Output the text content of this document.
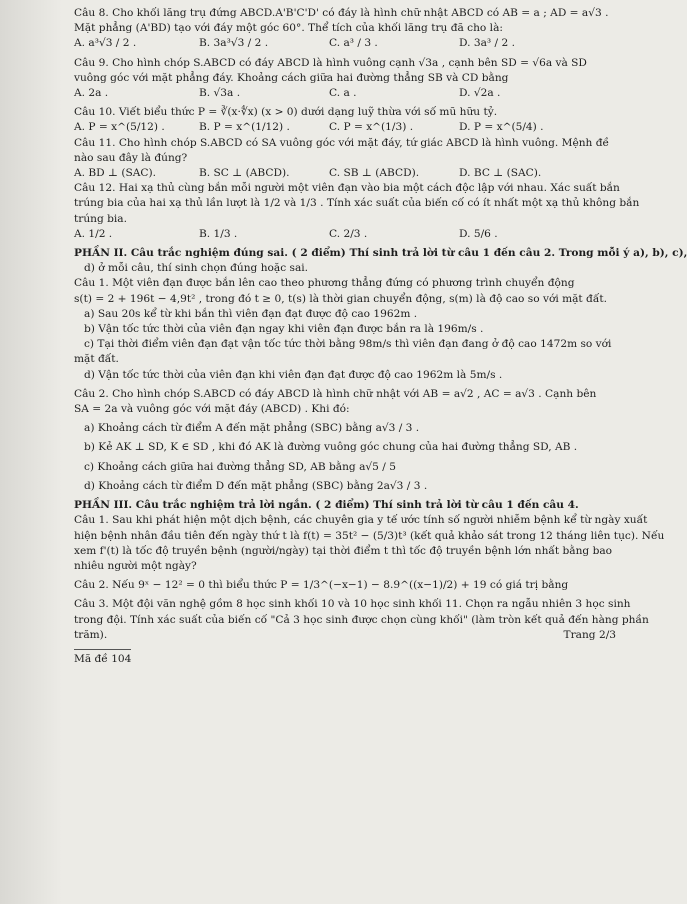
Câu 8. Cho khối lăng trụ đứng ABCD.A'B'C'D' có đáy là hình chữ nhật ABCD có AB = a ; AD = a√3 .
Mặt phẳng (A'BD) tạo với đáy một góc 60°. Thể tích của khối lăng trụ đã cho là:
A. a³√3 / 2 .	B. 3a³√3 / 2 .	C. a³ / 3 .	D. 3a³ / 2 .
Câu 9. Cho hình chóp S.ABCD có đáy ABCD là hình vuông cạnh √3a , cạnh bên SD = √6a và SD
vuông góc với mặt phẳng đáy. Khoảng cách giữa hai đường thẳng SB và CD bằng
A. 2a .	B. √3a .	C. a .	D. √2a .
Câu 10. Viết biểu thức P = ∛(x·∜x) (x > 0) dưới dạng luỹ thừa với số mũ hữu tỷ.
A. P = x^(5/12) .	B. P = x^(1/12) .	C. P = x^(1/3) .	D. P = x^(5/4) .
Câu 11. Cho hình chóp S.ABCD có SA vuông góc với mặt đáy, tứ giác ABCD là hình vuông. Mệnh đề
nào sau đây là đúng?
A. BD ⊥ (SAC).	B. SC ⊥ (ABCD).	C. SB ⊥ (ABCD).	D. BC ⊥ (SAC).
Câu 12. Hai xạ thủ cùng bắn mỗi người một viên đạn vào bia một cách độc lập với nhau. Xác suất bắn
trúng bia của hai xạ thủ lần lượt là 1/2 và 1/3 . Tính xác suất của biến cố có ít nhất một xạ thủ không bắn
trúng bia.
A. 1/2 .	B. 1/3 .	C. 2/3 .	D. 5/6 .
PHẦN II. Câu trắc nghiệm đúng sai. ( 2 điểm) Thí sinh trả lời từ câu 1 đến câu 2. Trong mỗi ý a), b), c),
d) ở mỗi câu, thí sinh chọn đúng hoặc sai.
Câu 1. Một viên đạn được bắn lên cao theo phương thẳng đứng có phương trình chuyển động
s(t) = 2 + 196t − 4,9t² , trong đó t ≥ 0, t(s) là thời gian chuyển động, s(m) là độ cao so với mặt đất.
a) Sau 20s kể từ khi bắn thì viên đạn đạt được độ cao 1962m .
b) Vận tốc tức thời của viên đạn ngay khi viên đạn được bắn ra là 196m/s .
c) Tại thời điểm viên đạn đạt vận tốc tức thời bằng 98m/s thì viên đạn đang ở độ cao 1472m so với
mặt đất.
d) Vận tốc tức thời của viên đạn khi viên đạn đạt được độ cao 1962m là 5m/s .
Câu 2. Cho hình chóp S.ABCD có đáy ABCD là hình chữ nhật với AB = a√2 , AC = a√3 . Cạnh bên
SA = 2a và vuông góc với mặt đáy (ABCD) . Khi đó:
a) Khoảng cách từ điểm A đến mặt phẳng (SBC) bằng a√3 / 3 .
b) Kẻ AK ⊥ SD, K ∈ SD , khi đó AK là đường vuông góc chung của hai đường thẳng SD, AB .
c) Khoảng cách giữa hai đường thẳng SD, AB bằng a√5 / 5
d) Khoảng cách từ điểm D đến mặt phẳng (SBC) bằng 2a√3 / 3 .
PHẦN III. Câu trắc nghiệm trả lời ngắn. ( 2 điểm) Thí sinh trả lời từ câu 1 đến câu 4.
Câu 1. Sau khi phát hiện một dịch bệnh, các chuyên gia y tế ước tính số người nhiễm bệnh kể từ ngày xuất
hiện bệnh nhân đầu tiên đến ngày thứ t là f(t) = 35t² − (5/3)t³ (kết quả khảo sát trong 12 tháng liên tục). Nếu
xem f'(t) là tốc độ truyền bệnh (người/ngày) tại thời điểm t thì tốc độ truyền bệnh lớn nhất bằng bao
nhiêu người một ngày?
Câu 2. Nếu 9ˣ − 12² = 0 thì biểu thức P = 1/3^(−x−1) − 8.9^((x−1)/2) + 19 có giá trị bằng
Câu 3. Một đội văn nghệ gồm 8 học sinh khối 10 và 10 học sinh khối 11. Chọn ra ngẫu nhiên 3 học sinh
trong đội. Tính xác suất của biến cố "Cả 3 học sinh được chọn cùng khối" (làm tròn kết quả đến hàng phần
trăm).	Trang 2/3
Mã đề 104
